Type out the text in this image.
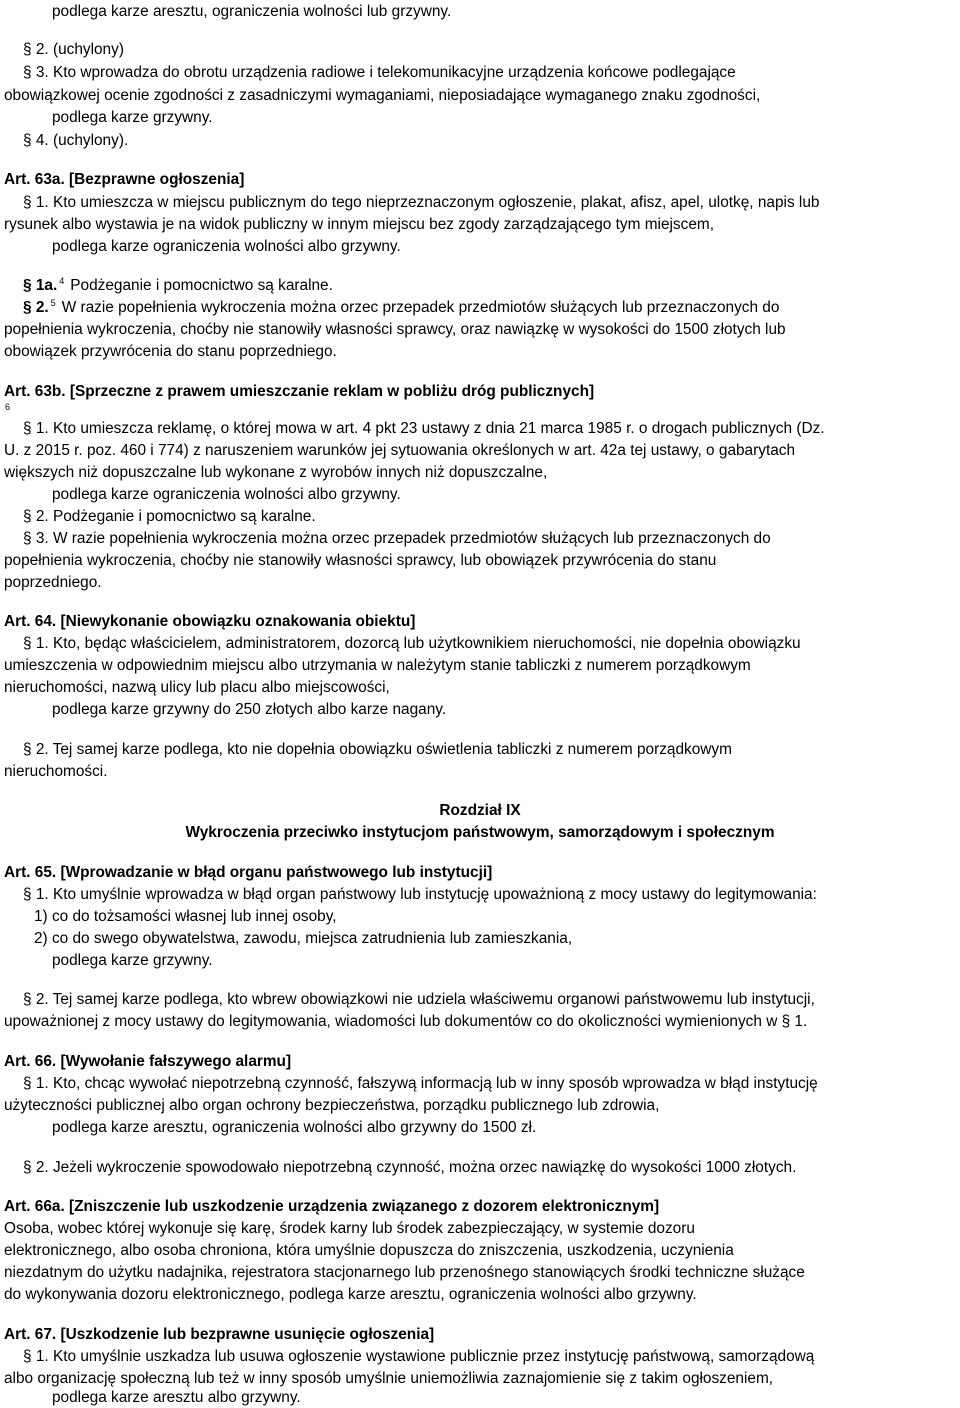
podlega karze aresztu, ograniczenia wolności lub grzywny.
§ 2. (uchylony)
§ 3. Kto wprowadza do obrotu urządzenia radiowe i telekomunikacyjne urządzenia końcowe podlegające
obowiązkowej ocenie zgodności z zasadniczymi wymaganiami, nieposiadające wymaganego znaku zgodności,
podlega karze grzywny.
§ 4. (uchylony).
Art. 63a. [Bezprawne ogłoszenia]
§ 1. Kto umieszcza w miejscu publicznym do tego nieprzeznaczonym ogłoszenie, plakat, afisz, apel, ulotkę, napis lub
rysunek albo wystawia je na widok publiczny w innym miejscu bez zgody zarządzającego tym miejscem,
podlega karze ograniczenia wolności albo grzywny.
§ 1a. $^4$ Podżeganie i pomocnictwo są karalne.
§ 2. $^5$ W razie popełnienia wykroczenia można orzec przepadek przedmiotów służących lub przeznaczonych do
popełnienia wykroczenia, choćby nie stanowiły własności sprawcy, oraz nawiązkę w wysokości do 1500 złotych lub
obowiązek przywrócenia do stanu poprzedniego.
Art. 63b. [Sprzeczne z prawem umieszczanie reklam w pobliżu dróg publicznych]
6
§ 1. Kto umieszcza reklamę, o której mowa w art. 4 pkt 23 ustawy z dnia 21 marca 1985 r. o drogach publicznych (Dz.
U. z 2015 r. poz. 460 i 774) z naruszeniem warunków jej sytuowania określonych w art. 42a tej ustawy, o gabarytach
większych niż dopuszczalne lub wykonane z wyrobów innych niż dopuszczalne,
podlega karze ograniczenia wolności albo grzywny.
§ 2. Podżeganie i pomocnictwo są karalne.
§ 3. W razie popełnienia wykroczenia można orzec przepadek przedmiotów służących lub przeznaczonych do
popełnienia wykroczenia, choćby nie stanowiły własności sprawcy, lub obowiązek przywrócenia do stanu
poprzedniego.
Art. 64. [Niewykonanie obowiązku oznakowania obiektu]
§ 1. Kto, będąc właścicielem, administratorem, dozorcą lub użytkownikiem nieruchomości, nie dopełnia obowiązku
umieszczenia w odpowiednim miejscu albo utrzymania w należytym stanie tabliczki z numerem porządkowym
nieruchomości, nazwą ulicy lub placu albo miejscowości,
podlega karze grzywny do 250 złotych albo karze nagany.
§ 2. Tej samej karze podlega, kto nie dopełnia obowiązku oświetlenia tabliczki z numerem porządkowym
nieruchomości.
Rozdział IX
Wykroczenia przeciwko instytucjom państwowym, samorządowym i społecznym
Art. 65. [Wprowadzanie w błąd organu państwowego lub instytucji]
§ 1. Kto umyślnie wprowadza w błąd organ państwowy lub instytucję upoważnioną z mocy ustawy do legitymowania:
1) co do tożsamości własnej lub innej osoby,
2) co do swego obywatelstwa, zawodu, miejsca zatrudnienia lub zamieszkania,
podlega karze grzywny.
§ 2. Tej samej karze podlega, kto wbrew obowiązkowi nie udziela właściwemu organowi państwowemu lub instytucji,
upoważnionej z mocy ustawy do legitymowania, wiadomości lub dokumentów co do okoliczności wymienionych w § 1.
Art. 66. [Wywołanie fałszywego alarmu]
§ 1. Kto, chcąc wywołać niepotrzebną czynność, fałszywą informacją lub w inny sposób wprowadza w błąd instytucję
użyteczności publicznej albo organ ochrony bezpieczeństwa, porządku publicznego lub zdrowia,
podlega karze aresztu, ograniczenia wolności albo grzywny do 1500 zł.
§ 2. Jeżeli wykroczenie spowodowało niepotrzebną czynność, można orzec nawiązkę do wysokości 1000 złotych.
Art. 66a. [Zniszczenie lub uszkodzenie urządzenia związanego z dozorem elektronicznym]
Osoba, wobec której wykonuje się karę, środek karny lub środek zabezpieczający, w systemie dozoru
elektronicznego, albo osoba chroniona, która umyślnie dopuszcza do zniszczenia, uszkodzenia, uczynienia
niezdatnym do użytku nadajnika, rejestratora stacjonarnego lub przenośnego stanowiących środki techniczne służące
do wykonywania dozoru elektronicznego, podlega karze aresztu, ograniczenia wolności albo grzywny.
Art. 67. [Uszkodzenie lub bezprawne usunięcie ogłoszenia]
§ 1. Kto umyślnie uszkadza lub usuwa ogłoszenie wystawione publicznie przez instytucję państwową, samorządową
albo organizację społeczną lub też w inny sposób umyślnie uniemożliwia zaznajomienie się z takim ogłoszeniem,
podlega karze aresztu albo grzywny.
